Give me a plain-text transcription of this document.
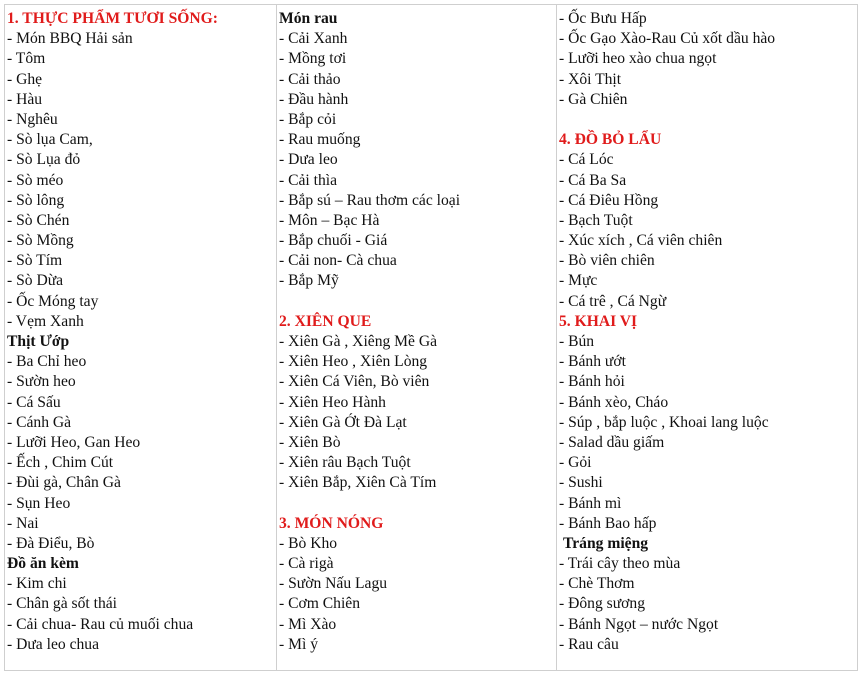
1. THỰC PHẨM TƯƠI SỐNG:
- Món BBQ Hải sản
- Tôm
- Ghẹ
- Hàu
- Nghêu
- Sò lụa Cam,
- Sò Lụa đỏ
- Sò méo
- Sò lông
- Sò Chén
- Sò Mồng
- Sò Tím
- Sò Dừa
- Ốc Móng tay
- Vẹm Xanh
Thịt Ướp
- Ba Chỉ heo
- Sườn heo
- Cá Sấu
- Cánh Gà
- Lưỡi Heo, Gan Heo
- Ếch , Chim Cút
- Đùi gà, Chân Gà
- Sụn Heo
- Nai
- Đà Điểu, Bò
Đồ ăn kèm
- Kim chi
- Chân gà sốt thái
- Cải chua- Rau củ muối chua
- Dưa leo chua
Món rau
- Cải Xanh
- Mồng tơi
- Cải thảo
- Đầu hành
- Bắp cỏi
- Rau muống
- Dưa leo
- Cải thìa
- Bắp sú – Rau thơm các loại
- Môn – Bạc Hà
- Bắp chuối - Giá
- Cải non- Cà chua
- Bắp Mỹ
2. XIÊN QUE
- Xiên Gà , Xiêng Mề Gà
- Xiên Heo , Xiên Lòng
- Xiên Cá Viên, Bò viên
- Xiên Heo Hành
- Xiên Gà Ớt Đà Lạt
- Xiên Bò
- Xiên râu Bạch Tuột
- Xiên Bắp, Xiên Cà Tím
3. MÓN NÓNG
- Bò Kho
- Cà rigà
- Sườn Nấu Lagu
- Cơm Chiên
- Mì Xào
- Mì ý
- Ốc Bưu Hấp
- Ốc Gạo Xào-Rau Củ xốt dầu hào
- Lưỡi heo xào chua ngọt
- Xôi Thịt
- Gà Chiên
4. ĐỒ BỎ LẨU
- Cá Lóc
- Cá Ba Sa
- Cá Điêu Hồng
- Bạch Tuột
- Xúc xích , Cá viên chiên
- Bò viên chiên
- Mực
- Cá trê , Cá Ngừ
5. KHAI VỊ
- Bún
- Bánh ướt
- Bánh hỏi
- Bánh xèo, Cháo
- Súp , bắp luộc , Khoai lang luộc
- Salad dầu giấm
- Gỏi
- Sushi
- Bánh mì
- Bánh Bao hấp
Tráng miệng
- Trái cây theo mùa
- Chè Thơm
- Đông sương
- Bánh Ngọt – nước Ngọt
- Rau câu
